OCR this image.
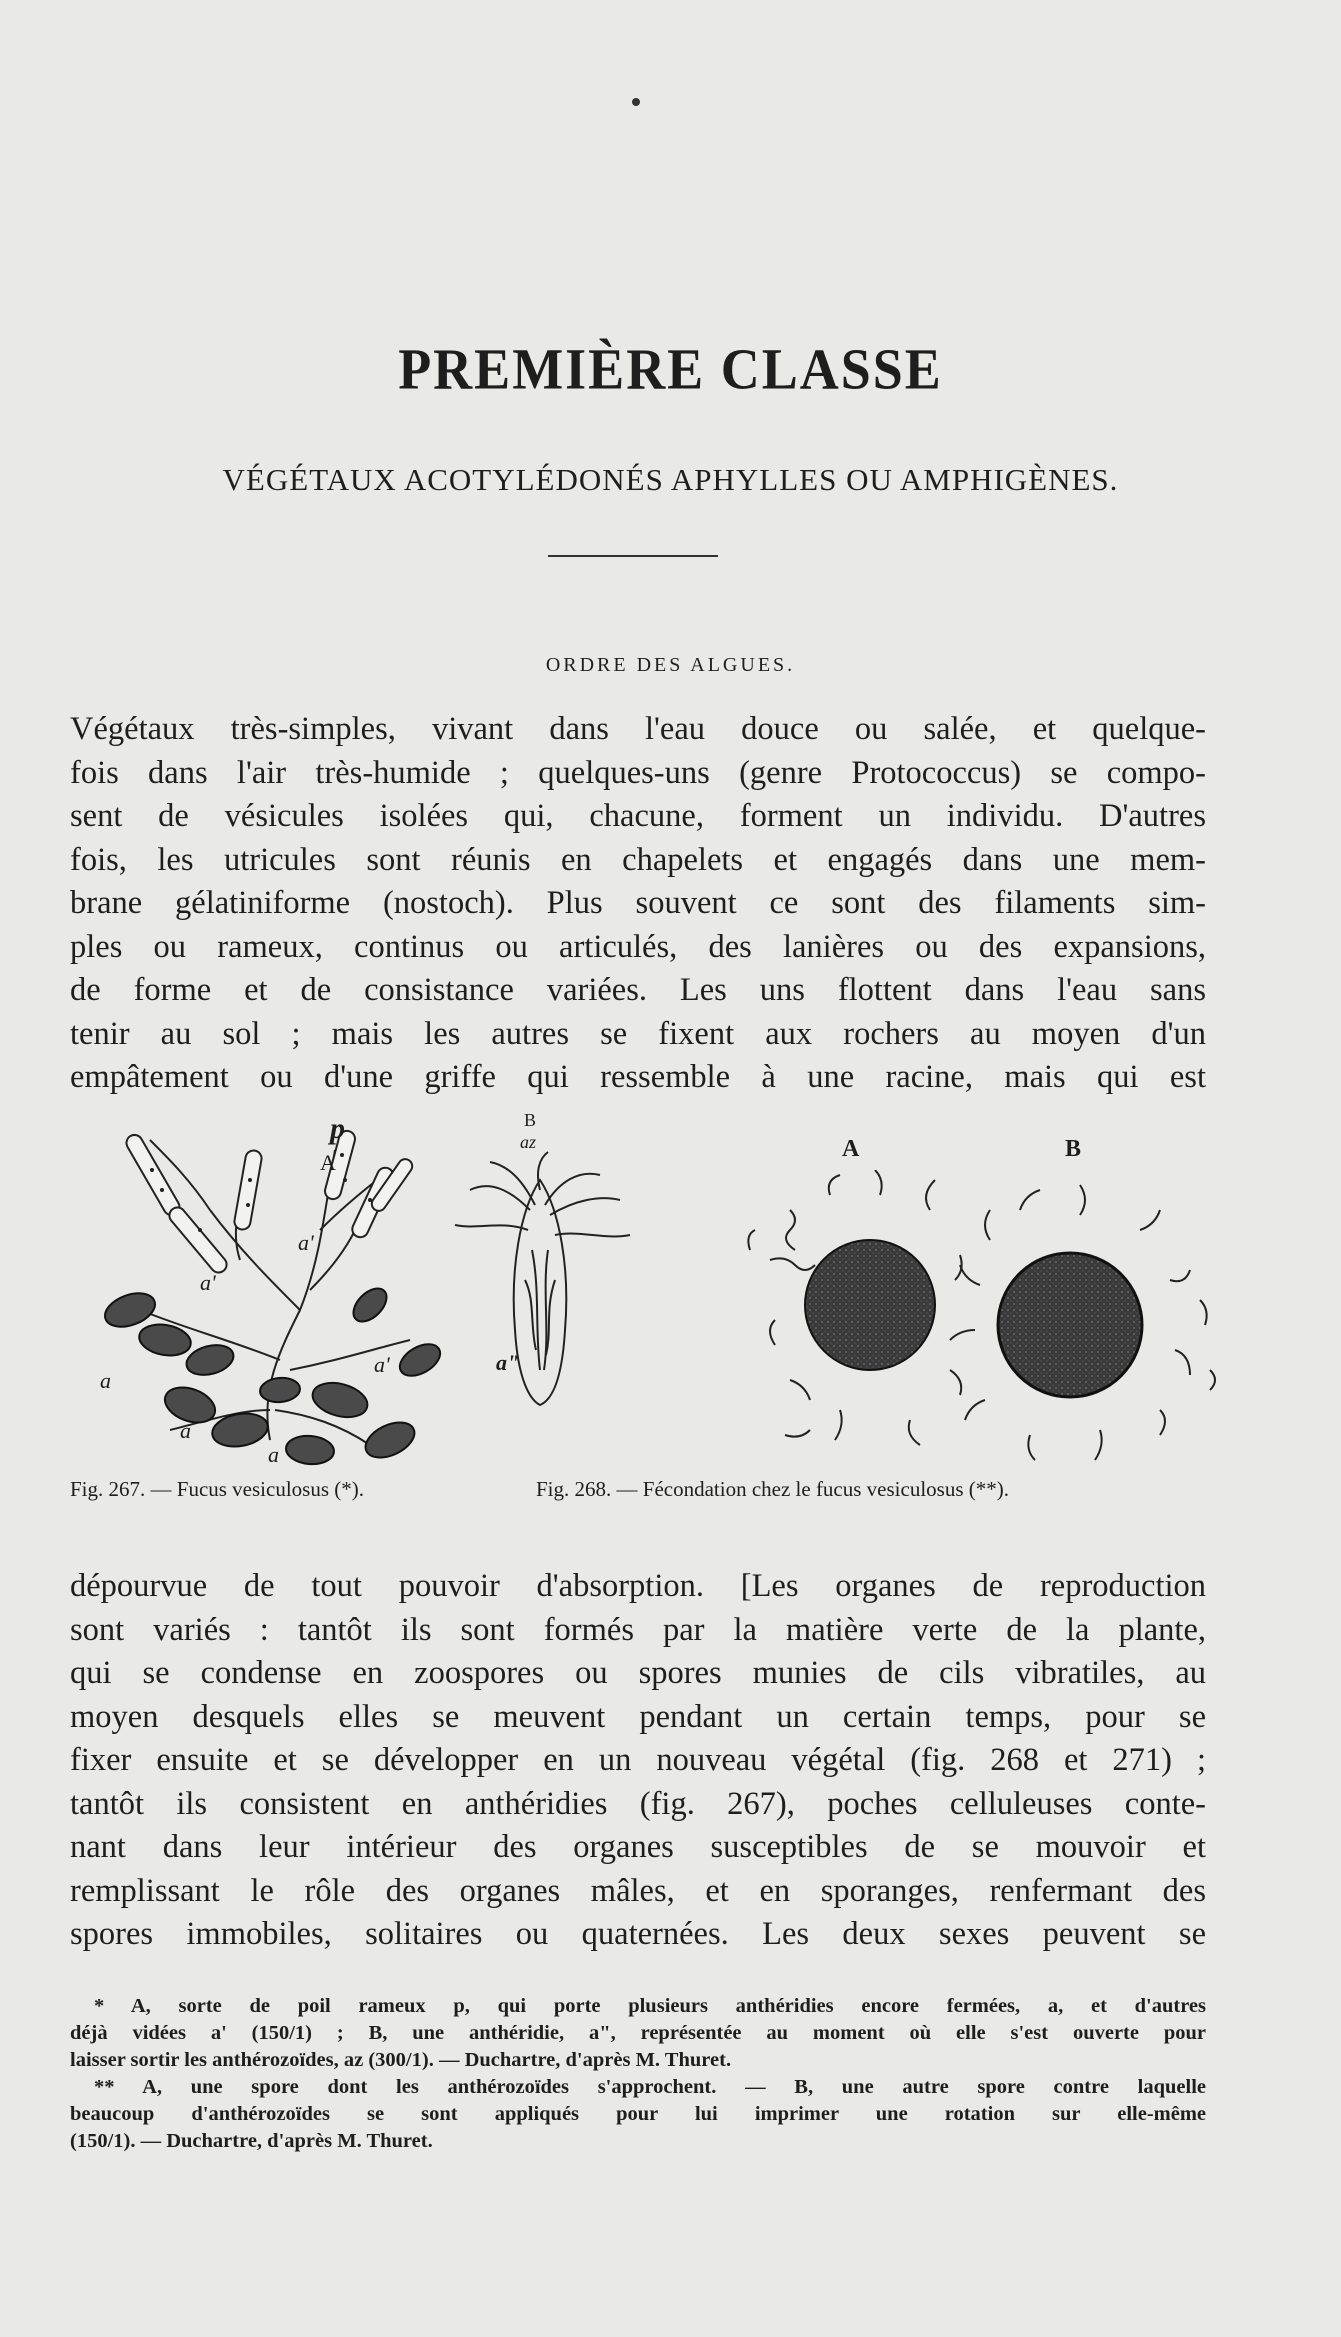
PREMIÈRE CLASSE
VÉGÉTAUX ACOTYLÉDONÉS APHYLLES OU AMPHIGÈNES.
ORDRE DES ALGUES.
Végétaux très-simples, vivant dans l'eau douce ou salée, et quelque-
fois dans l'air très-humide ; quelques-uns (genre Protococcus) se compo-
sent de vésicules isolées qui, chacune, forment un individu. D'autres
fois, les utricules sont réunis en chapelets et engagés dans une mem-
brane gélatiniforme (nostoch). Plus souvent ce sont des filaments sim-
ples ou rameux, continus ou articulés, des lanières ou des expansions,
de forme et de consistance variées. Les uns flottent dans l'eau sans
tenir au sol ; mais les autres se fixent aux rochers au moyen d'un
empâtement ou d'une griffe qui ressemble à une racine, mais qui est
A
p
a'
a'
a'
a
a
a
B
az
a"
A	B
Fig. 267. — Fucus vesiculosus (*).	Fig. 268. — Fécondation chez le fucus vesiculosus (**).
dépourvue de tout pouvoir d'absorption. [Les organes de reproduction
sont variés : tantôt ils sont formés par la matière verte de la plante,
qui se condense en zoospores ou spores munies de cils vibratiles, au
moyen desquels elles se meuvent pendant un certain temps, pour se
fixer ensuite et se développer en un nouveau végétal (fig. 268 et 271) ;
tantôt ils consistent en anthéridies (fig. 267), poches celluleuses conte-
nant dans leur intérieur des organes susceptibles de se mouvoir et
remplissant le rôle des organes mâles, et en sporanges, renfermant des
spores immobiles, solitaires ou quaternées. Les deux sexes peuvent se
* A, sorte de poil rameux p, qui porte plusieurs anthéridies encore fermées, a, et d'autres
déjà vidées a' (150/1) ; B, une anthéridie, a", représentée au moment où elle s'est ouverte pour
laisser sortir les anthérozoïdes, az (300/1). — Duchartre, d'après M. Thuret.
** A, une spore dont les anthérozoïdes s'approchent. — B, une autre spore contre laquelle
beaucoup d'anthérozoïdes se sont appliqués pour lui imprimer une rotation sur elle-même
(150/1). — Duchartre, d'après M. Thuret.
